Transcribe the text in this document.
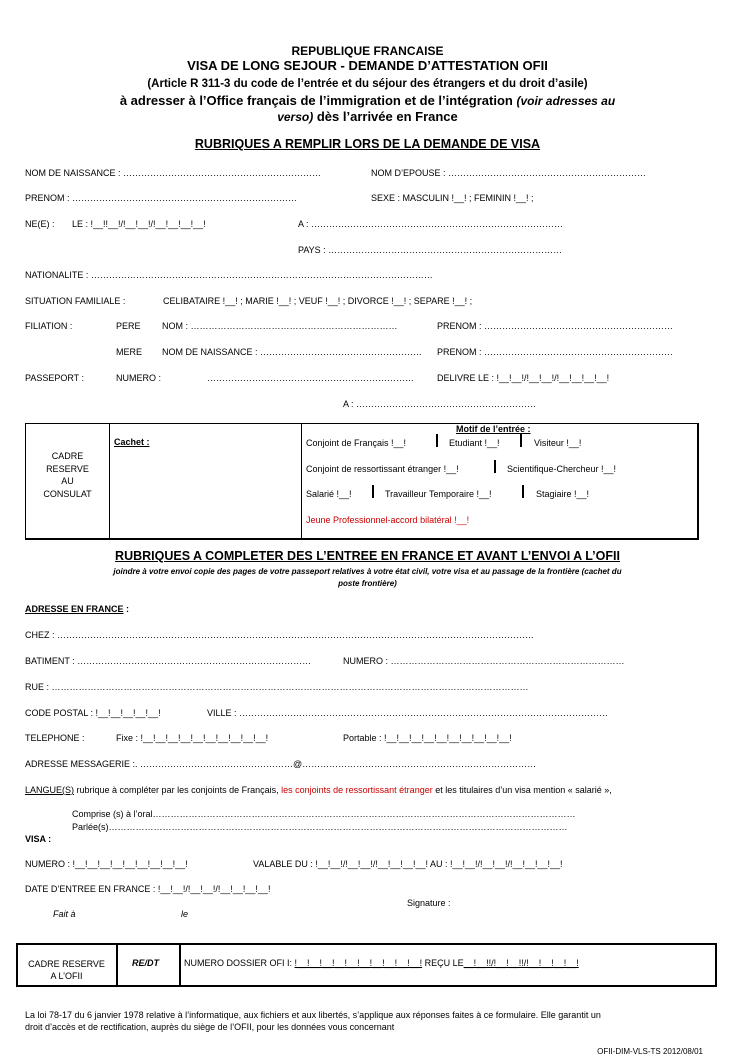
REPUBLIQUE FRANCAISE
VISA DE LONG SEJOUR - DEMANDE D’ATTESTATION OFII
(Article R 311-3 du code de l’entrée et du séjour des étrangers et du droit d’asile)
à adresser à l’Office français de l’immigration et de l’intégration (voir adresses au
verso) dès l’arrivée en France
RUBRIQUES A REMPLIR LORS DE LA DEMANDE DE VISA
NOM DE NAISSANCE : …………………………………………………………	NOM D’EPOUSE : …………………………………………………………
PRENOM : …………………………………………………………………	SEXE : MASCULIN !__! ; FEMININ !__! ;
NE(E) : LE : !__!!__!/!__!__!/!__!__!__!__!	A : …………………………………………………………………………
PAYS : ……………………………………………………………………
NATIONALITE : ……………………………………………………………………………………………………
SITUATION FAMILIALE :	CELIBATAIRE !__! ; MARIE !__! ; VEUF !__! ; DIVORCE !__! ; SEPARE !__! ;
FILIATION :	PERE NOM : ……………………………………………………………	PRENOM : ………………………………………………………
MERE NOM DE NAISSANCE : ……………………………………………… PRENOM : ………………………………………………………
PASSEPORT :	NUMERO :	……………………………………………………………	DELIVRE LE : !__!__!/!__!__!/!__!__!__!__!
A : ……………………………………………………
CADRE
RESERVE
AU
CONSULAT
Cachet :
Motif de l’entrée :
Conjoint de Français !__!	Etudiant !__!	Visiteur !__!
Conjoint de ressortissant étranger !__!	Scientifique-Chercheur !__!
Salarié !__!	Travailleur Temporaire !__!	Stagiaire !__!
Jeune Professionnel-accord bilatéral !__!
RUBRIQUES A COMPLETER DES L’ENTREE EN FRANCE ET AVANT L’ENVOI A L’OFII
joindre à votre envoi copie des pages de votre passeport relatives à votre état civil, votre visa et au passage de la frontière (cachet du
poste frontière)
ADRESSE EN FRANCE :
CHEZ : ……………………………………………………………………………………………………………………………………………
BATIMENT : ……………………………………………………………………	NUMERO : ……………………………………………………………………
RUE : ……………………………………………………………………………………………………………………………………………
CODE POSTAL : !__!__!__!__!__!	VILLE : ……………………………………………………………………………………………………………
TELEPHONE :	Fixe : !__!__!__!__!__!__!__!__!__!__!	Portable : !__!__!__!__!__!__!__!__!__!__!
ADRESSE MESSAGERIE :. ……………………………………………@……………………………………………………………………
LANGUE(S) rubrique à compléter par les conjoints de Français, les conjoints de ressortissant étranger et les titulaires d’un visa mention « salarié »,
Comprise (s) à l’oral……………………………………………………………………………………………………………………………
Parlée(s)………………………………………………………………………………………………………………………………………
VISA :
NUMERO : !__!__!__!__!__!__!__!__!__!	VALABLE DU : !__!__!/!__!__!/!__!__!__!__! AU : !__!__!/!__!__!/!__!__!__!__!
DATE D’ENTREE EN FRANCE : !__!__!/!__!__!/!__!__!__!__!
Signature :
Fait à	le
CADRE RESERVE
A L’OFII
RE/DT	NUMERO DOSSIER OFI I: !__!__!__!__!__!__!__!__!__!__! REÇU LE__!__!!/!__!__!!/!__!__!__!__!
La loi 78-17 du 6 janvier 1978 relative à l’informatique, aux fichiers et aux libertés, s’applique aux réponses faites à ce formulaire. Elle garantit un
droit d’accès et de rectification, auprès du siège de l’OFII, pour les données vous concernant
OFII-DIM-VLS-TS 2012/08/01
